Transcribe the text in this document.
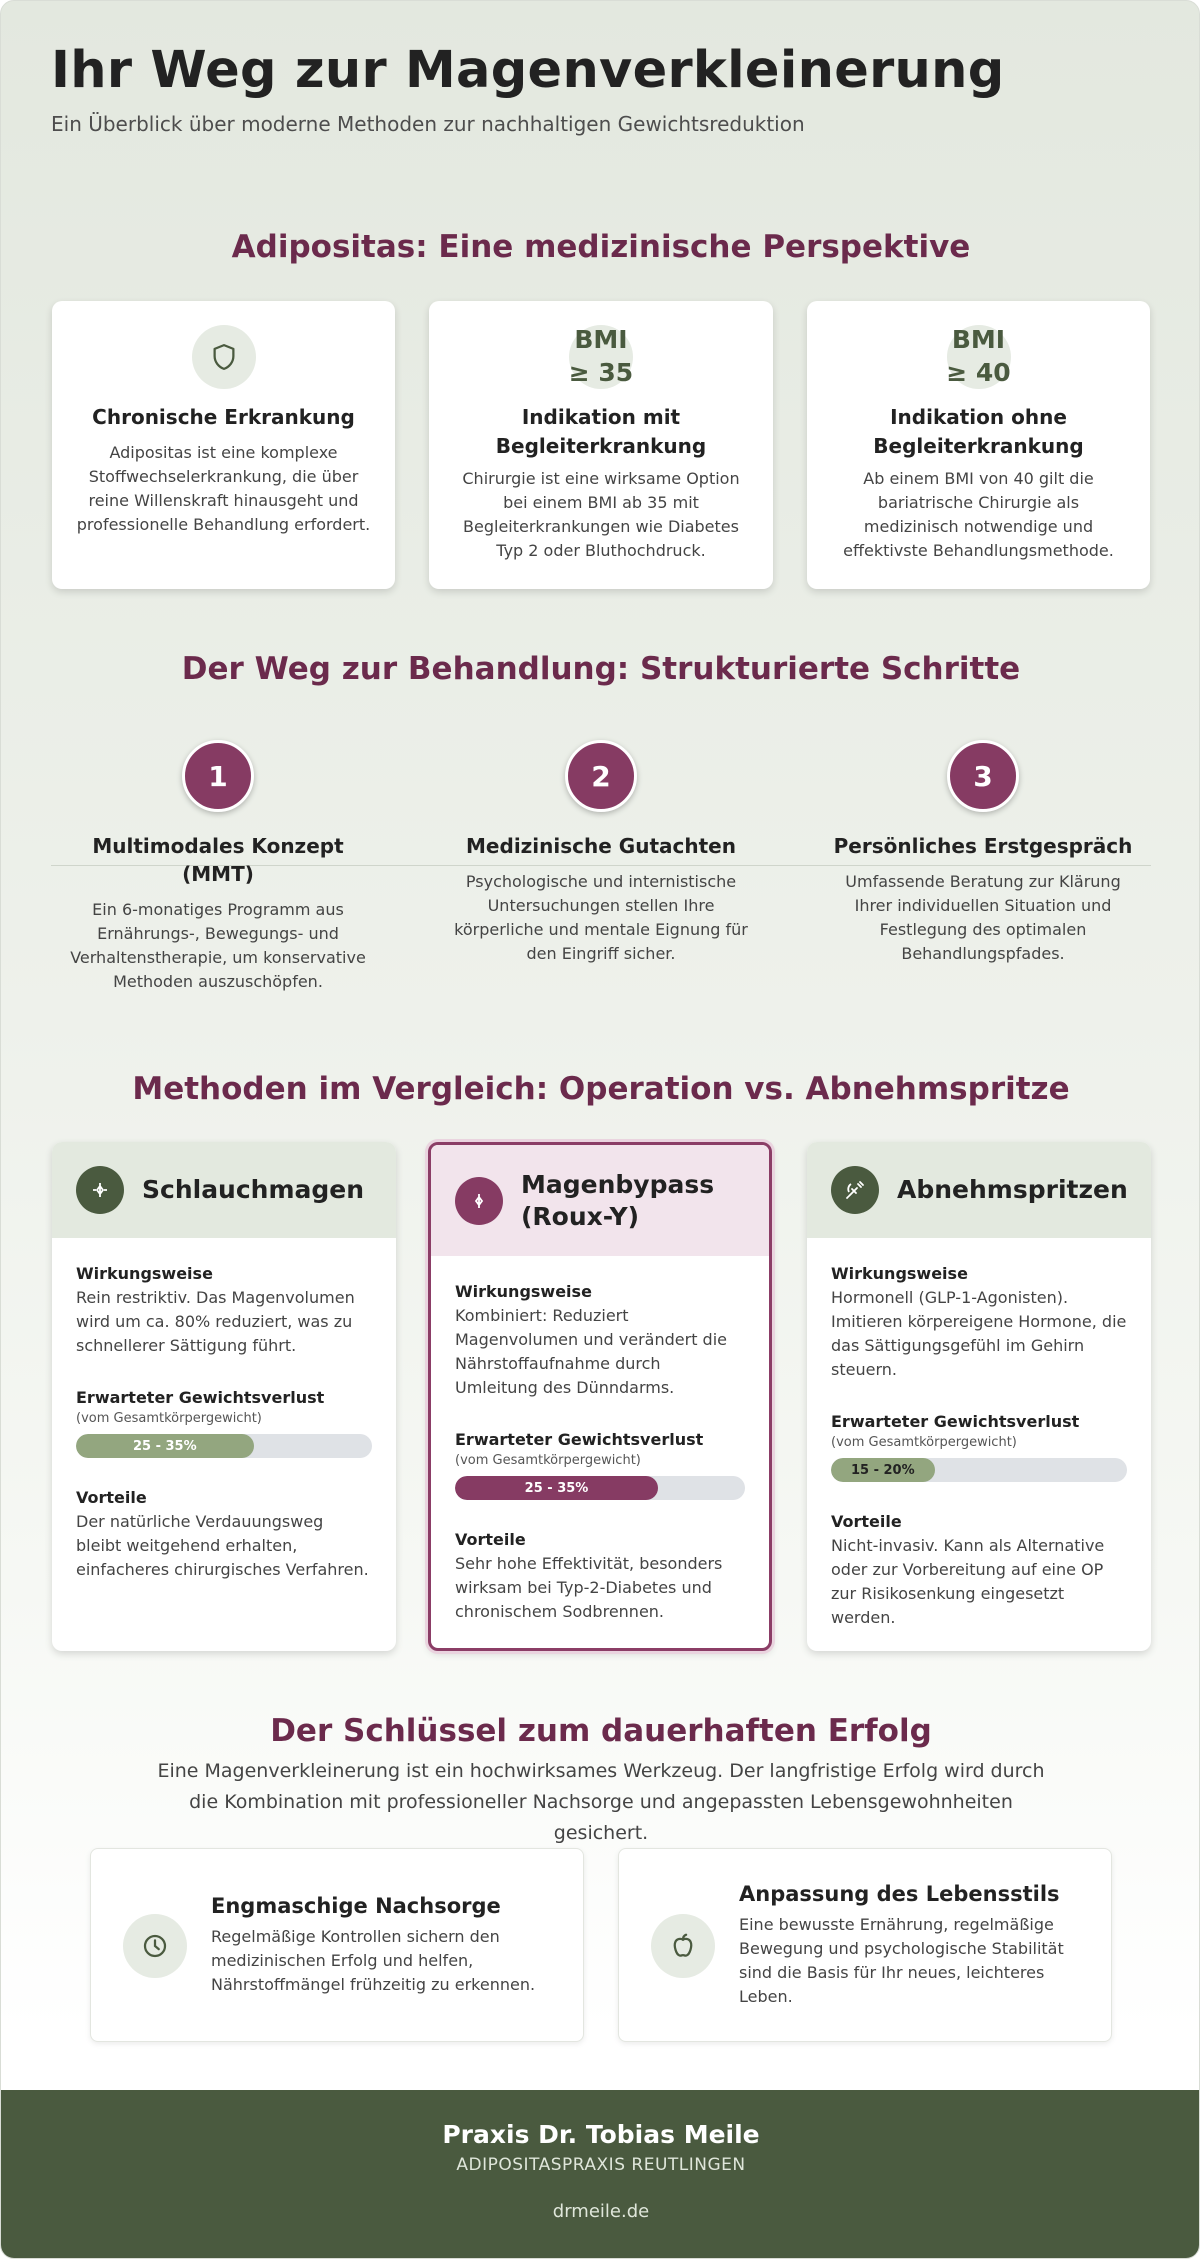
Ihr Weg zur Magenverkleinerung

Ein Überblick über moderne Methoden zur nachhaltigen Gewichtsreduktion

Adipositas: Eine medizinische Perspektive
Chronische Erkrankung
Adipositas ist eine komplexe Stoffwechselerkrankung, die über reine Willenskraft hinausgeht und professionelle Behandlung erfordert.
BMI
≥ 35
Indikation mit Begleiterkrankung
Chirurgie ist eine wirksame Option bei einem BMI ab 35 mit Begleiterkrankungen wie Diabetes Typ 2 oder Bluthochdruck.
BMI
≥ 40
Indikation ohne Begleiterkrankung
Ab einem BMI von 40 gilt die bariatrische Chirurgie als medizinisch notwendige und effektivste Behandlungsmethode.
Der Weg zur Behandlung: Strukturierte Schritte
1
Multimodales Konzept (MMT)

Ein 6-monatiges Programm aus Ernährungs-, Bewegungs- und Verhaltenstherapie, um konservative Methoden auszuschöpfen.

2
Medizinische Gutachten

Psychologische und internistische Untersuchungen stellen Ihre körperliche und mentale Eignung für den Eingriff sicher.

3
Persönliches Erstgespräch

Umfassende Beratung zur Klärung Ihrer individuellen Situation und Festlegung des optimalen Behandlungspfades.

Methoden im Vergleich: Operation vs. Abnehmspritze
Schlauchmagen
Wirkungsweise
Rein restriktiv. Das Magenvolumen wird um ca. 80% reduziert, was zu schnellerer Sättigung führt.
Erwarteter Gewichtsverlust
(vom Gesamtkörpergewicht)
25 - 35%
Vorteile
Der natürliche Verdauungsweg bleibt weitgehend erhalten, einfacheres chirurgisches Verfahren.
Magenbypass (Roux-Y)
Wirkungsweise
Kombiniert: Reduziert Magenvolumen und verändert die Nährstoffaufnahme durch Umleitung des Dünndarms.
Erwarteter Gewichtsverlust
(vom Gesamtkörpergewicht)
25 - 35%
Vorteile
Sehr hohe Effektivität, besonders wirksam bei Typ-2-Diabetes und chronischem Sodbrennen.
Abnehmspritzen
Wirkungsweise
Hormonell (GLP-1-Agonisten). Imitieren körpereigene Hormone, die das Sättigungsgefühl im Gehirn steuern.
Erwarteter Gewichtsverlust
(vom Gesamtkörpergewicht)
15 - 20%
Vorteile
Nicht-invasiv. Kann als Alternative oder zur Vorbereitung auf eine OP zur Risikosenkung eingesetzt werden.
Der Schlüssel zum dauerhaften Erfolg
Eine Magenverkleinerung ist ein hochwirksames Werkzeug. Der langfristige Erfolg wird durch die Kombination mit professioneller Nachsorge und angepassten Lebensgewohnheiten gesichert.
Engmaschige Nachsorge

Regelmäßige Kontrollen sichern den medizinischen Erfolg und helfen, Nährstoffmängel frühzeitig zu erkennen.

Anpassung des Lebensstils

Eine bewusste Ernährung, regelmäßige Bewegung und psychologische Stabilität sind die Basis für Ihr neues, leichteres Leben.

Praxis Dr. Tobias Meile
ADIPOSITASPRAXIS REUTLINGEN
drmeile.de
